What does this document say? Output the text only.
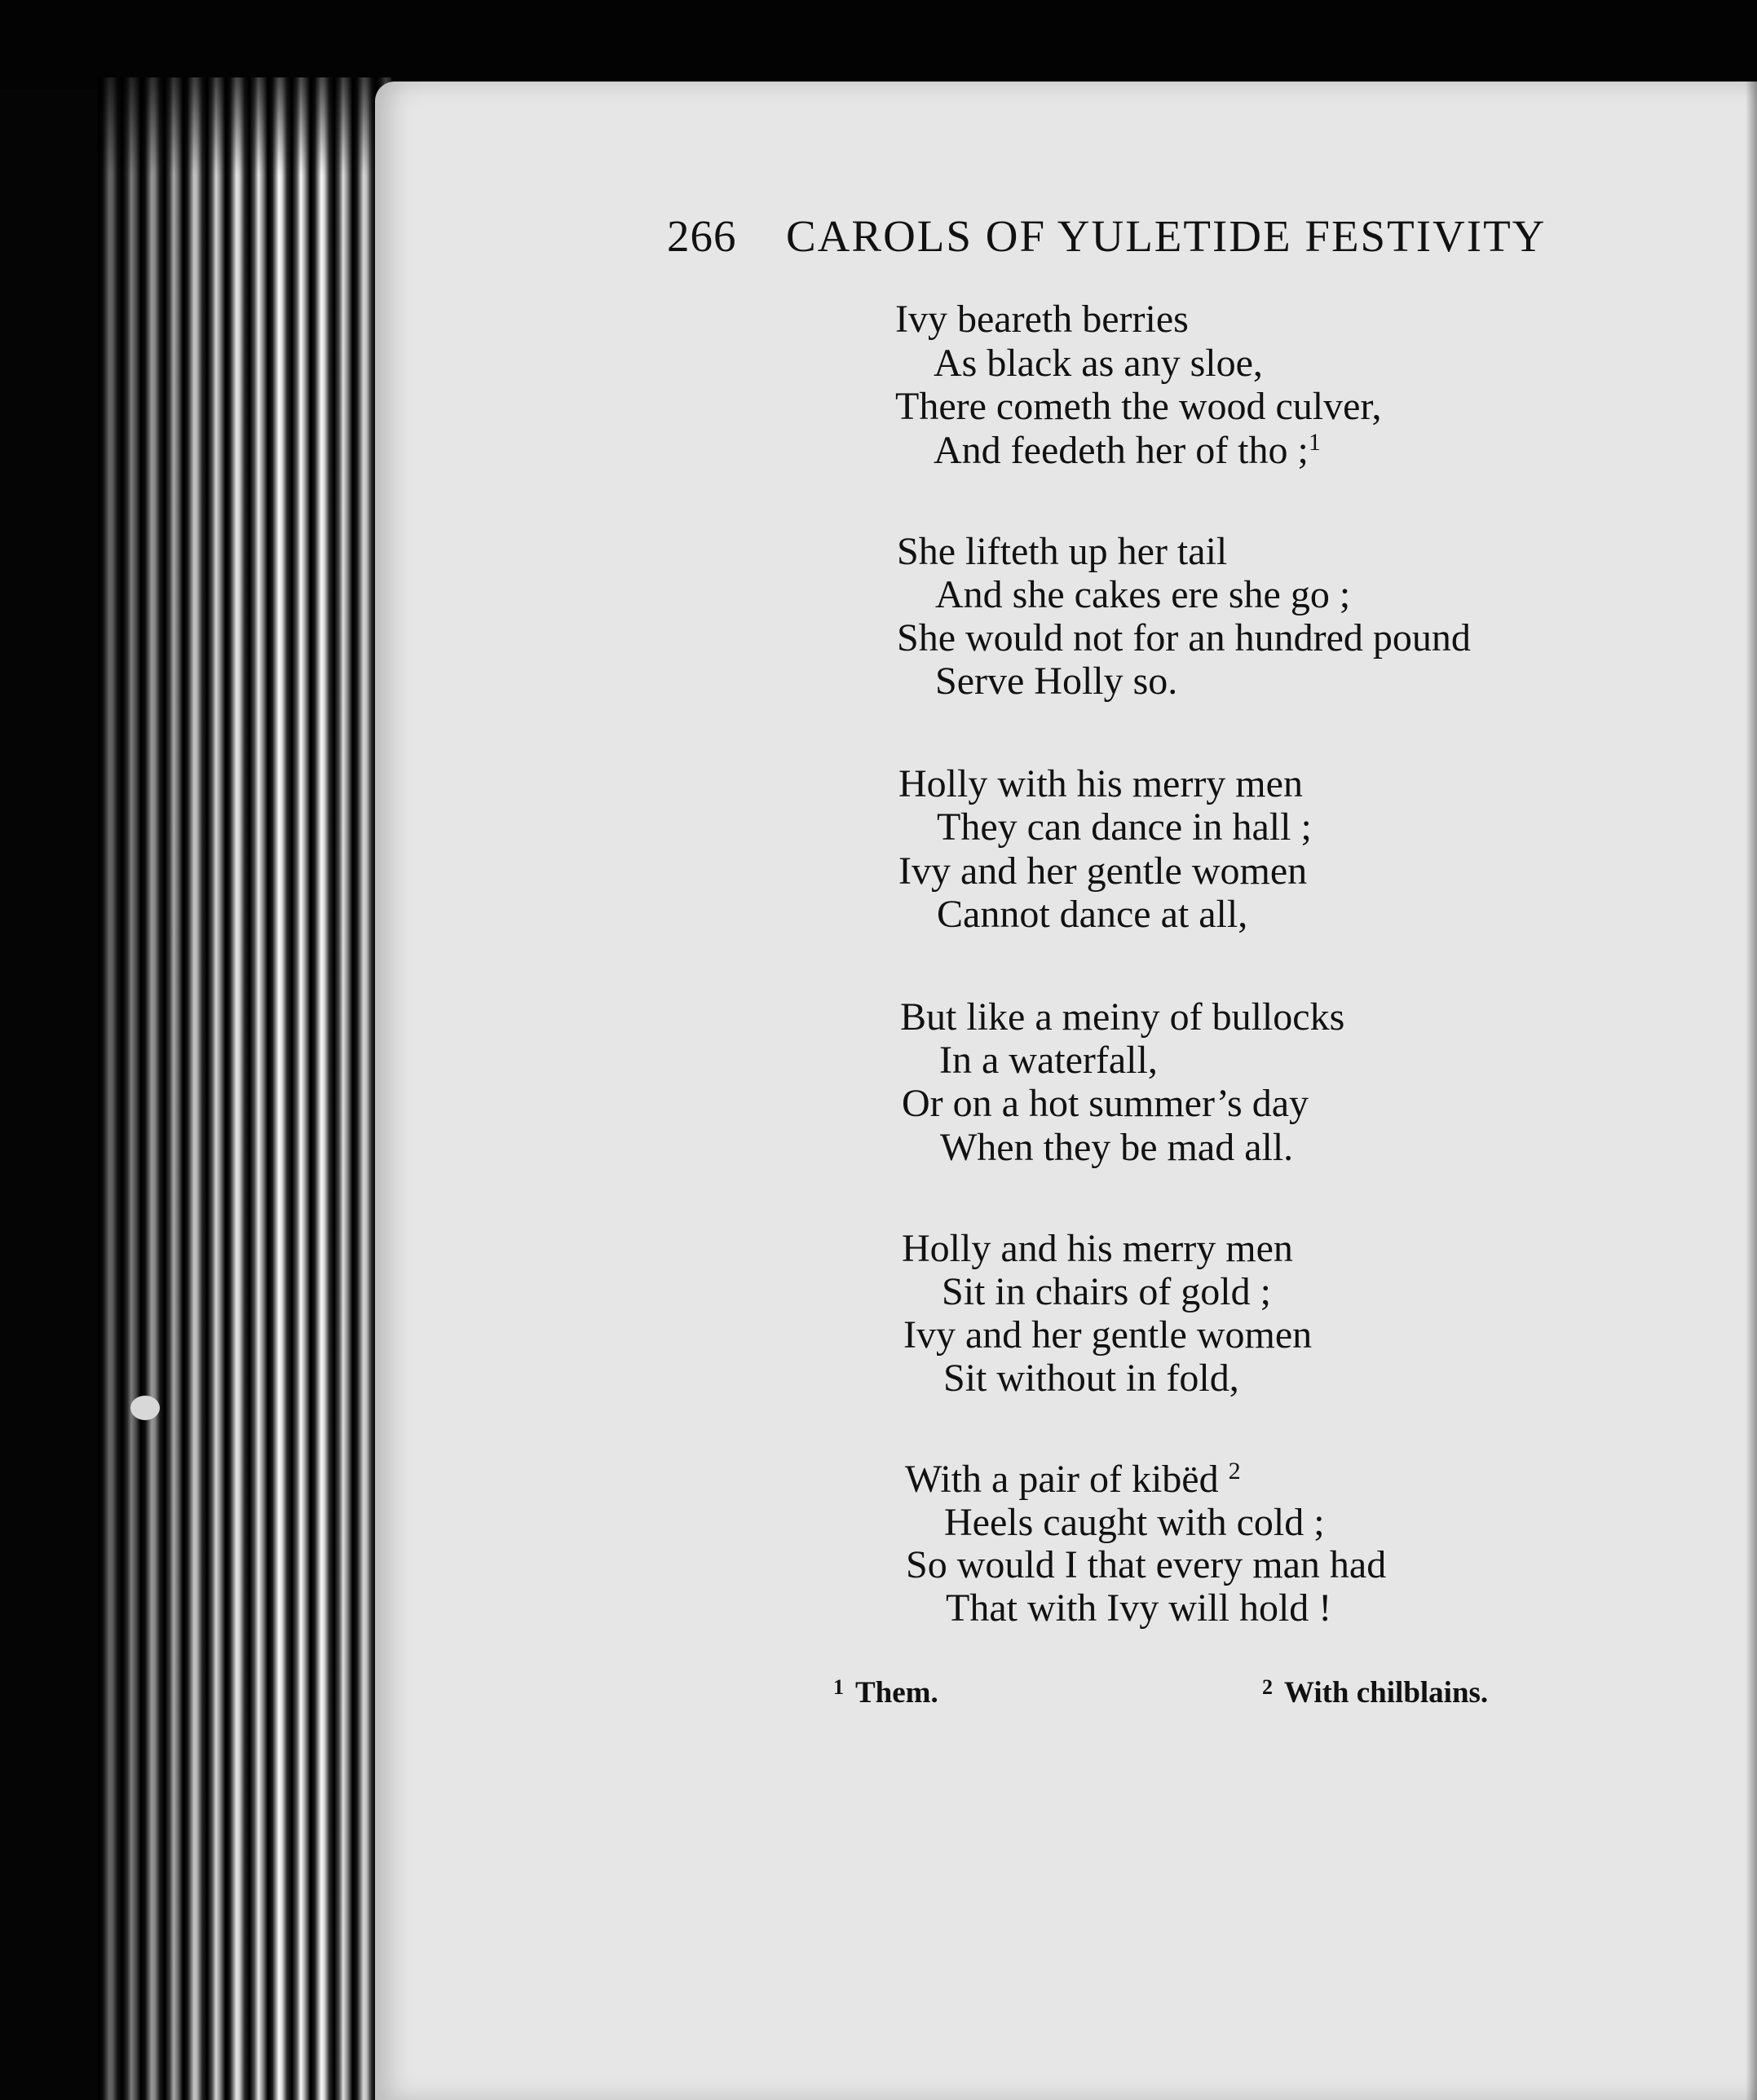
266 CAROLS OF YULETIDE FESTIVITY
Ivy beareth berries
As black as any sloe,
There cometh the wood culver,
And feedeth her of tho ;$^1$
She lifteth up her tail
And she cakes ere she go ;
She would not for an hundred pound
Serve Holly so.
Holly with his merry men
They can dance in hall ;
Ivy and her gentle women
Cannot dance at all,
But like a meiny of bullocks
In a waterfall,
Or on a hot summer’s day
When they be mad all.
Holly and his merry men
Sit in chairs of gold ;
Ivy and her gentle women
Sit without in fold,
With a pair of kibëd $^2$
Heels caught with cold ;
So would I that every man had
That with Ivy will hold !
$^1$ Them.	$^2$ With chilblains.
